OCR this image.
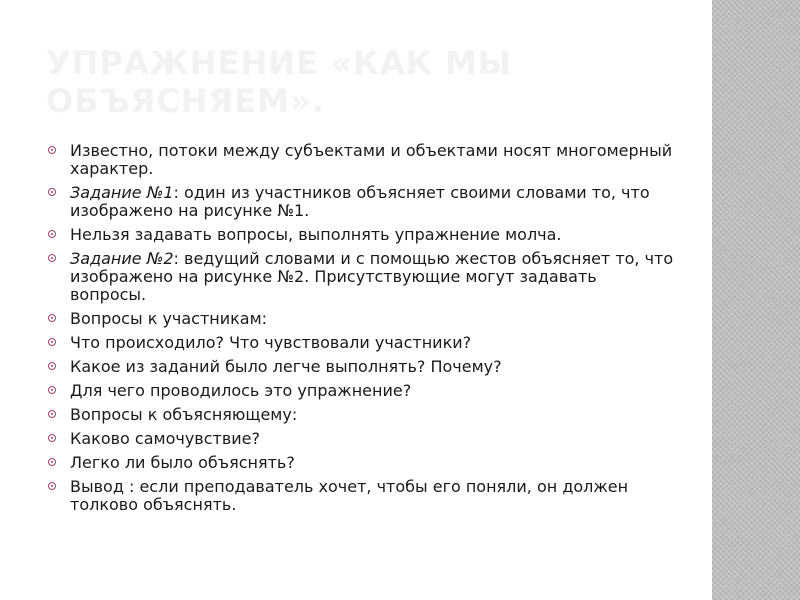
УПРАЖНЕНИЕ «КАК МЫ ОБЪЯСНЯЕМ».
Известно, потоки между субъектами и объектами носят многомерный характер.
Задание №1: один из участников объясняет своими словами то, что изображено на рисунке №1.
Нельзя задавать вопросы, выполнять упражнение молча.
Задание №2: ведущий словами и с помощью жестов объясняет то, что изображено на рисунке №2. Присутствующие могут задавать вопросы.
Вопросы к участникам:
Что происходило? Что чувствовали участники?
Какое из заданий было легче выполнять? Почему?
Для чего проводилось это упражнение?
Вопросы к объясняющему:
Каково самочувствие?
Легко ли было объяснять?
Вывод : если преподаватель хочет, чтобы его поняли, он должен толково объяснять.
